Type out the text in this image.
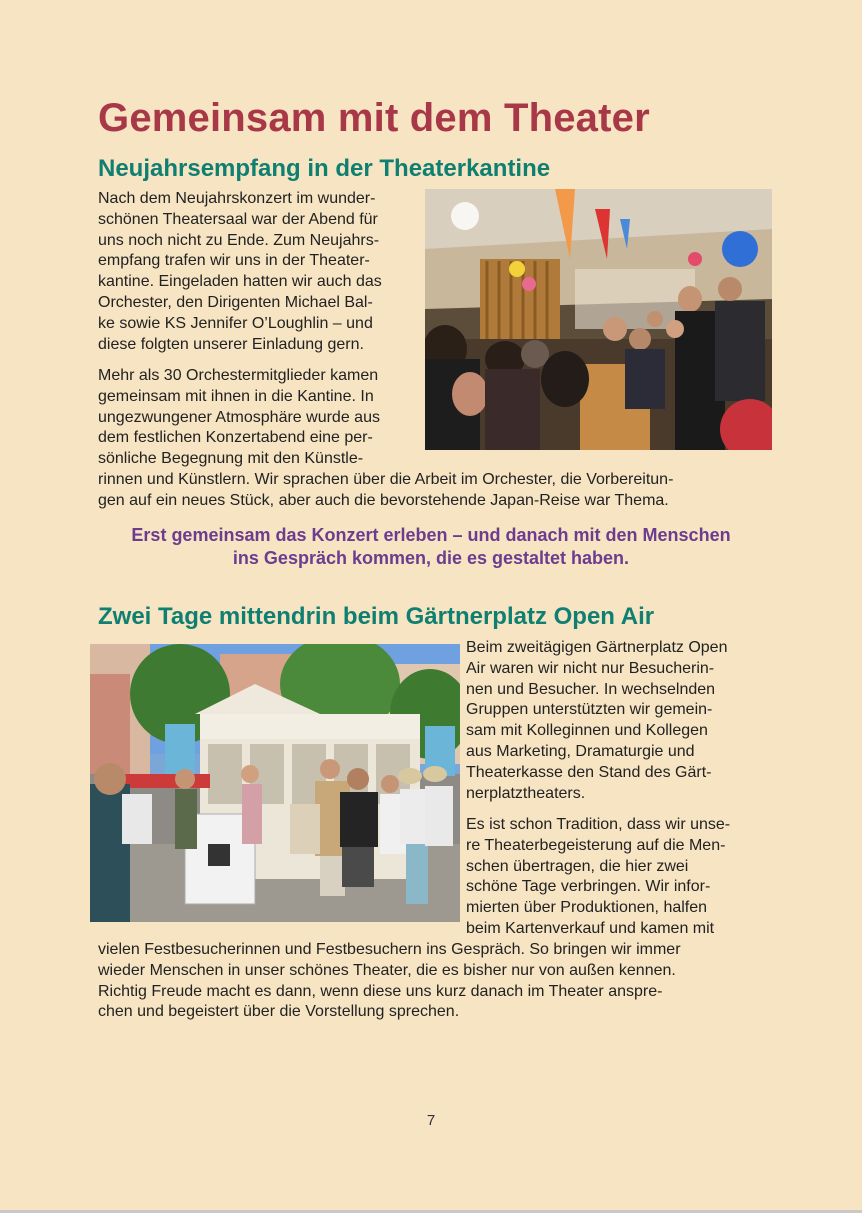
Gemeinsam mit dem Theater
Neujahrsempfang in der Theaterkantine
Nach dem Neujahrskonzert im wunder-
schönen Theatersaal war der Abend für
uns noch nicht zu Ende. Zum Neujahrs-
empfang trafen wir uns in der Theater-
kantine. Eingeladen hatten wir auch das
Orchester, den Dirigenten Michael Bal-
ke sowie KS Jennifer O’Loughlin – und
diese folgten unserer Einladung gern.
Mehr als 30 Orchestermitglieder kamen
gemeinsam mit ihnen in die Kantine. In
ungezwungener Atmosphäre wurde aus
dem festlichen Konzertabend eine per-
sönliche Begegnung mit den Künstle-
rinnen und Künstlern. Wir sprachen über die Arbeit im Orchester, die Vorbereitun-
gen auf ein neues Stück, aber auch die bevorstehende Japan-Reise war Thema.

Erst gemeinsam das Konzert erleben – und danach mit den Menschen
ins Gespräch kommen, die es gestaltet haben.

Zwei Tage mittendrin beim Gärtnerplatz Open Air
Beim zweitägigen Gärtnerplatz Open
Air waren wir nicht nur Besucherin-
nen und Besucher. In wechselnden
Gruppen unterstützten wir gemein-
sam mit Kolleginnen und Kollegen
aus Marketing, Dramaturgie und
Theaterkasse den Stand des Gärt-
nerplatztheaters.
Es ist schon Tradition, dass wir unse-
re Theaterbegeisterung auf die Men-
schen übertragen, die hier zwei
schöne Tage verbringen. Wir infor-
mierten über Produktionen, halfen
beim Kartenverkauf und kamen mit
vielen Festbesucherinnen und Festbesuchern ins Gespräch. So bringen wir immer
wieder Menschen in unser schönes Theater, die es bisher nur von außen kennen.
Richtig Freude macht es dann, wenn diese uns kurz danach im Theater anspre-
chen und begeistert über die Vorstellung sprechen.
7
